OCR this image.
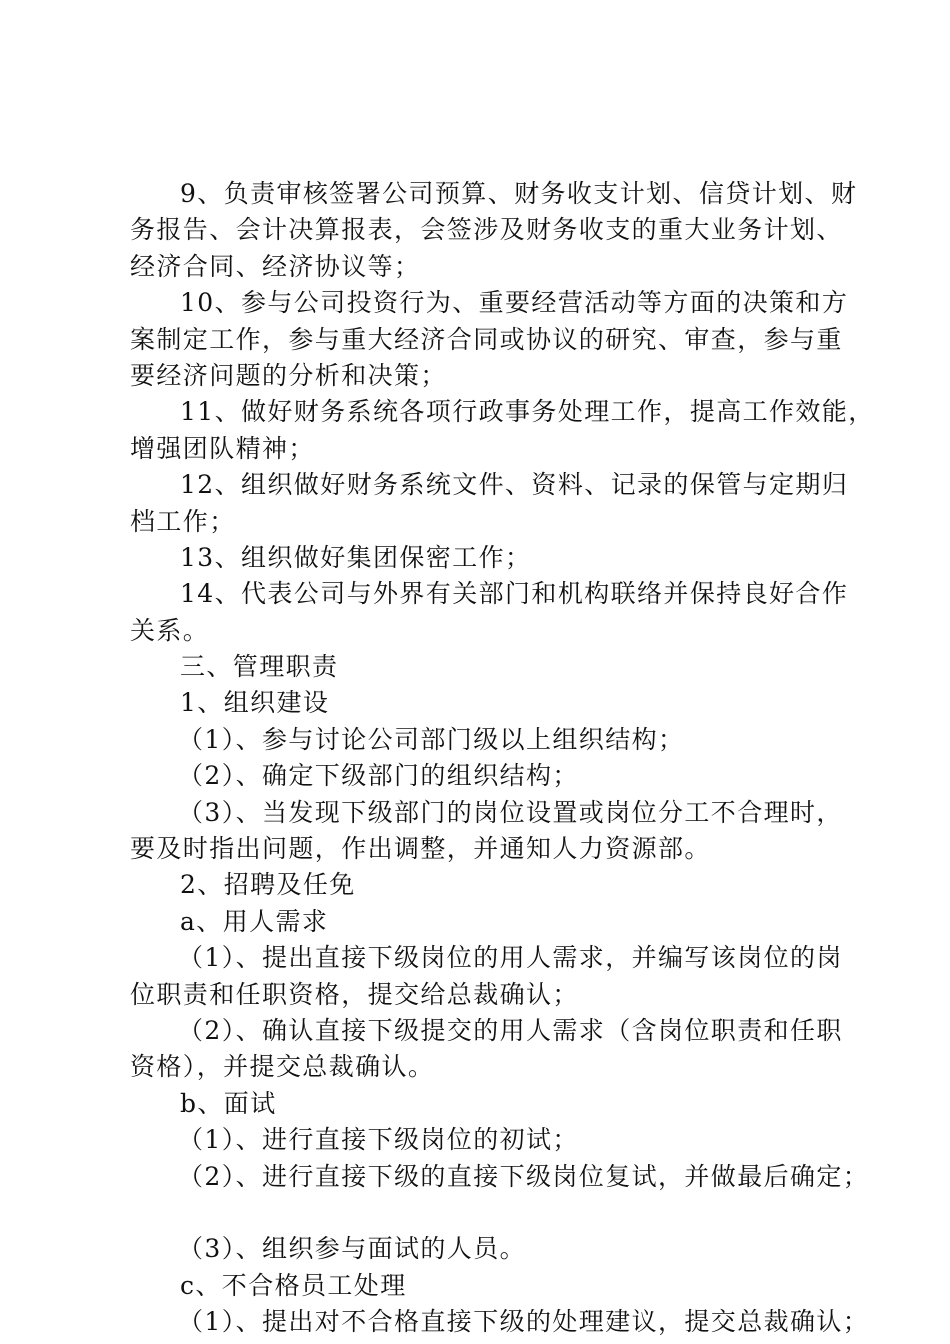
9、负责审核签署公司预算、财务收支计划、信贷计划、财
务报告、会计决算报表，会签涉及财务收支的重大业务计划、
经济合同、经济协议等；
10、参与公司投资行为、重要经营活动等方面的决策和方
案制定工作，参与重大经济合同或协议的研究、审查，参与重
要经济问题的分析和决策；
11、做好财务系统各项行政事务处理工作，提高工作效能，
增强团队精神；
12、组织做好财务系统文件、资料、记录的保管与定期归
档工作；
13、组织做好集团保密工作；
14、代表公司与外界有关部门和机构联络并保持良好合作
关系。
三、管理职责
1、组织建设
（1）、参与讨论公司部门级以上组织结构；
（2）、确定下级部门的组织结构；
（3）、当发现下级部门的岗位设置或岗位分工不合理时，
要及时指出问题，作出调整，并通知人力资源部。
2、招聘及任免
a、用人需求
（1）、提出直接下级岗位的用人需求，并编写该岗位的岗
位职责和任职资格，提交给总裁确认；
（2）、确认直接下级提交的用人需求（含岗位职责和任职
资格），并提交总裁确认。
b、面试
（1）、进行直接下级岗位的初试；
（2）、进行直接下级的直接下级岗位复试，并做最后确定；
（3）、组织参与面试的人员。
c、不合格员工处理
（1）、提出对不合格直接下级的处理建议，提交总裁确认；
